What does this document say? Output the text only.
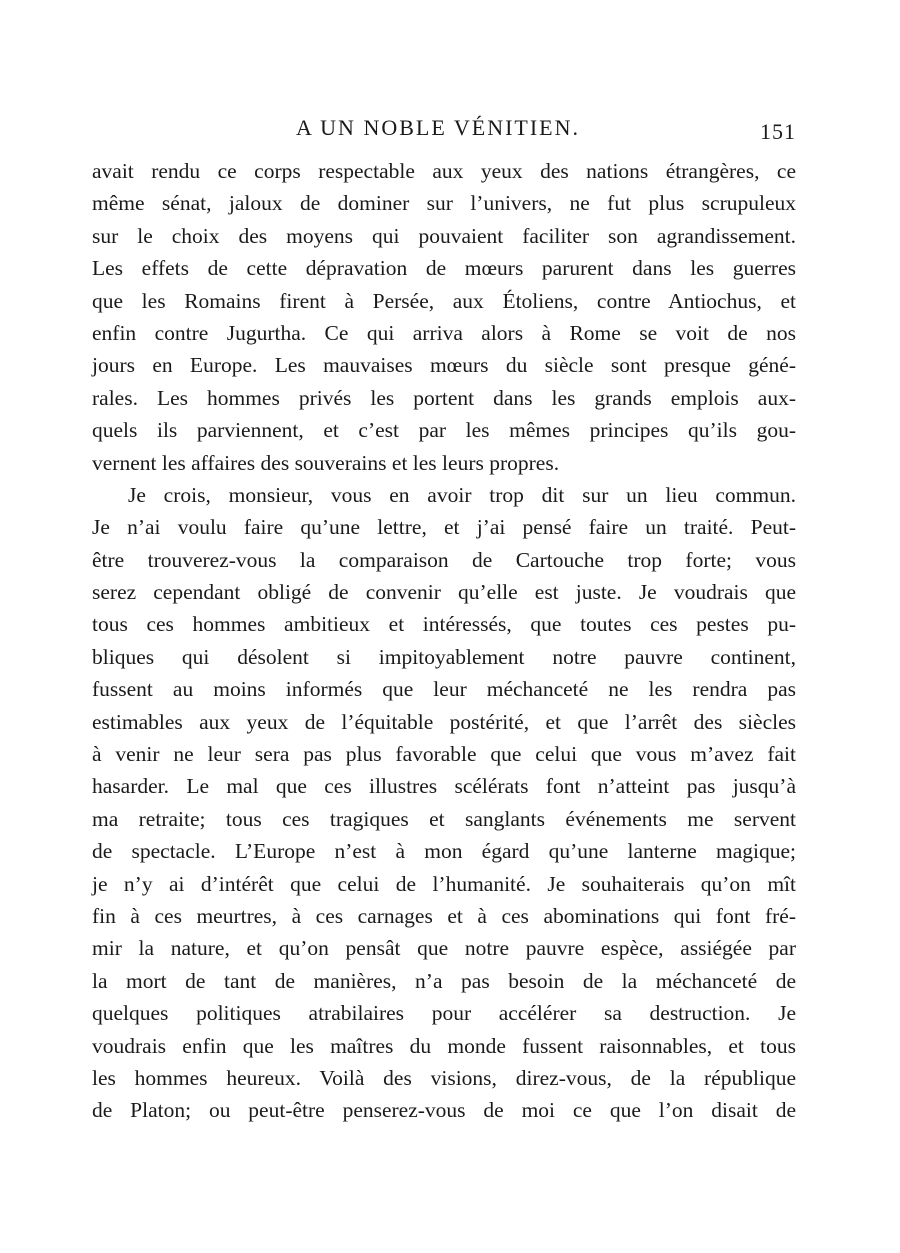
A UN NOBLE VÉNITIEN.	151
avait rendu ce corps respectable aux yeux des nations étrangères, ce
même sénat, jaloux de dominer sur l’univers, ne fut plus scrupuleux
sur le choix des moyens qui pouvaient faciliter son agrandissement.
Les effets de cette dépravation de mœurs parurent dans les guerres
que les Romains firent à Persée, aux Étoliens, contre Antiochus, et
enfin contre Jugurtha. Ce qui arriva alors à Rome se voit de nos
jours en Europe. Les mauvaises mœurs du siècle sont presque géné-
rales. Les hommes privés les portent dans les grands emplois aux-
quels ils parviennent, et c’est par les mêmes principes qu’ils gou-
vernent les affaires des souverains et les leurs propres.
Je crois, monsieur, vous en avoir trop dit sur un lieu commun.
Je n’ai voulu faire qu’une lettre, et j’ai pensé faire un traité. Peut-
être trouverez-vous la comparaison de Cartouche trop forte; vous
serez cependant obligé de convenir qu’elle est juste. Je voudrais que
tous ces hommes ambitieux et intéressés, que toutes ces pestes pu-
bliques qui désolent si impitoyablement notre pauvre continent,
fussent au moins informés que leur méchanceté ne les rendra pas
estimables aux yeux de l’équitable postérité, et que l’arrêt des siècles
à venir ne leur sera pas plus favorable que celui que vous m’avez fait
hasarder. Le mal que ces illustres scélérats font n’atteint pas jusqu’à
ma retraite; tous ces tragiques et sanglants événements me servent
de spectacle. L’Europe n’est à mon égard qu’une lanterne magique;
je n’y ai d’intérêt que celui de l’humanité. Je souhaiterais qu’on mît
fin à ces meurtres, à ces carnages et à ces abominations qui font fré-
mir la nature, et qu’on pensât que notre pauvre espèce, assiégée par
la mort de tant de manières, n’a pas besoin de la méchanceté de
quelques politiques atrabilaires pour accélérer sa destruction. Je
voudrais enfin que les maîtres du monde fussent raisonnables, et tous
les hommes heureux. Voilà des visions, direz-vous, de la république
de Platon; ou peut-être penserez-vous de moi ce que l’on disait de
